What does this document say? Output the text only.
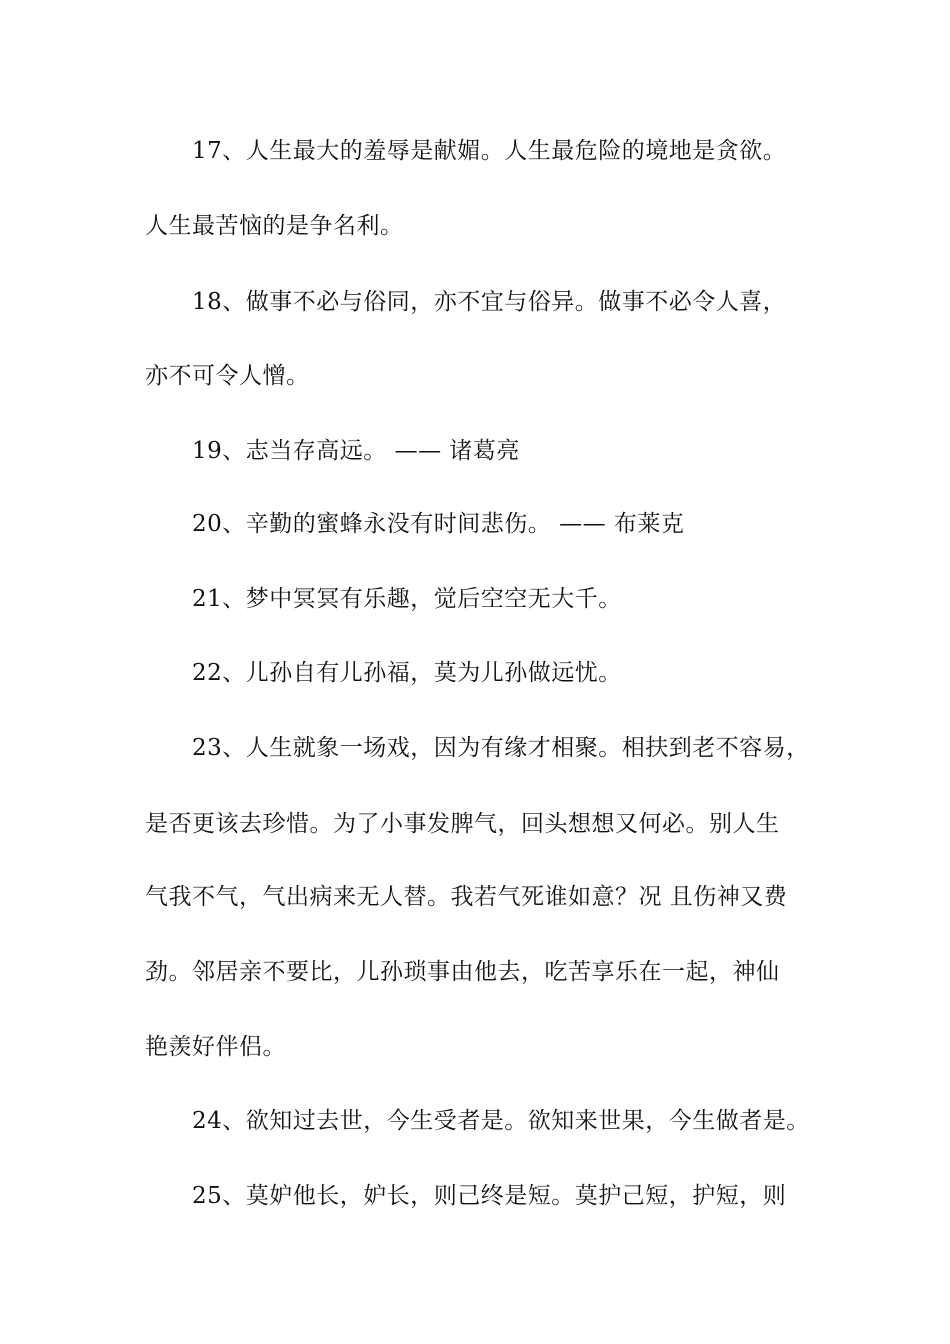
17、人生最大的羞辱是献媚。人生最危险的境地是贪欲。
人生最苦恼的是争名利。
18、做事不必与俗同，亦不宜与俗异。做事不必令人喜，
亦不可令人憎。
19、志当存高远。 —— 诸葛亮
20、辛勤的蜜蜂永没有时间悲伤。 —— 布莱克
21、梦中冥冥有乐趣，觉后空空无大千。
22、儿孙自有儿孙福，莫为儿孙做远忧。
23、人生就象一场戏，因为有缘才相聚。相扶到老不容易，
是否更该去珍惜。为了小事发脾气，回头想想又何必。别人生
气我不气，气出病来无人替。我若气死谁如意？况 且伤神又费
劲。邻居亲不要比，儿孙琐事由他去，吃苦享乐在一起，神仙
艳羡好伴侣。
24、欲知过去世，今生受者是。欲知来世果，今生做者是。
25、莫妒他长，妒长，则己终是短。莫护己短，护短，则
